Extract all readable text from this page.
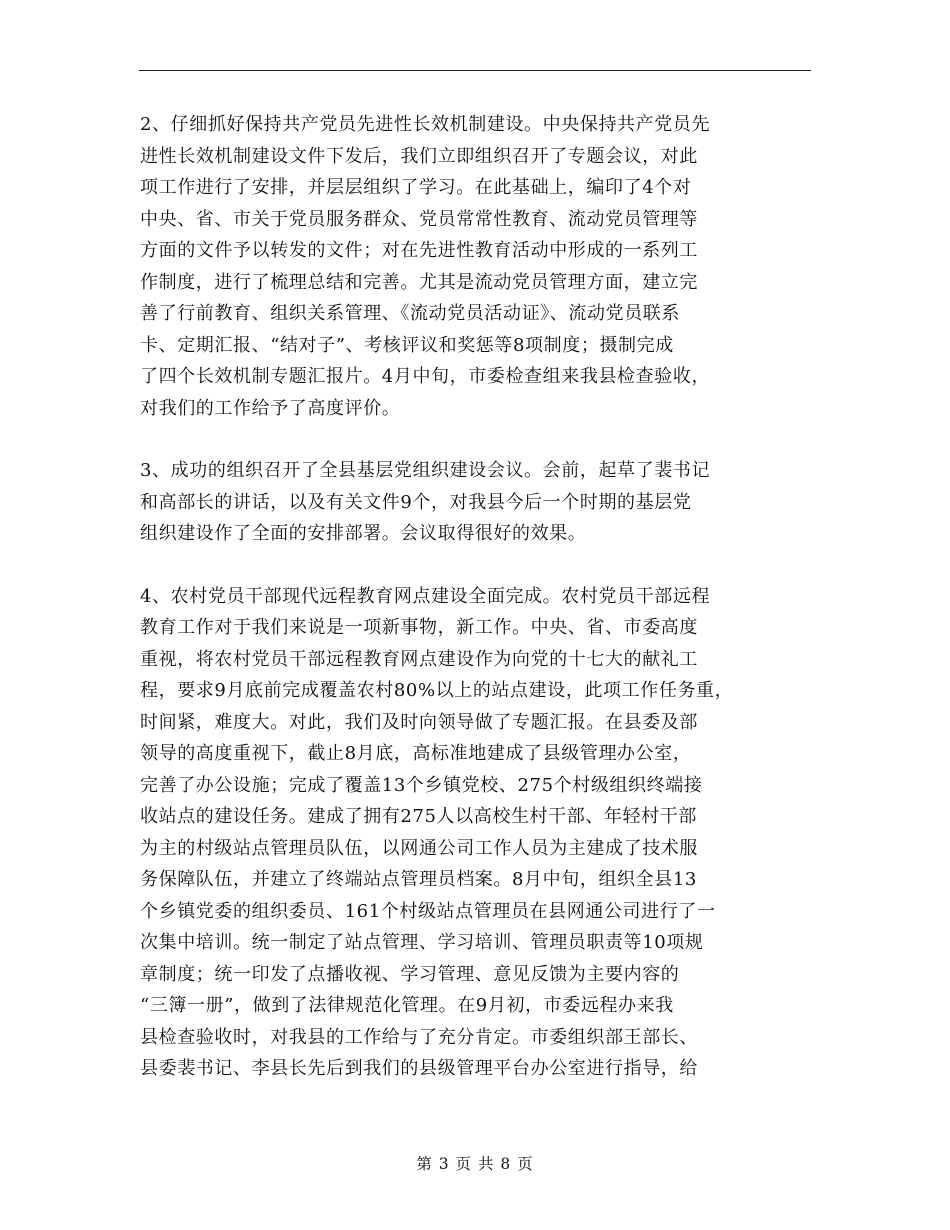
2、仔细抓好保持共产党员先进性长效机制建设。中央保持共产党员先
进性长效机制建设文件下发后，我们立即组织召开了专题会议，对此
项工作进行了安排，并层层组织了学习。在此基础上，编印了4个对
中央、省、市关于党员服务群众、党员常常性教育、流动党员管理等
方面的文件予以转发的文件；对在先进性教育活动中形成的一系列工
作制度，进行了梳理总结和完善。尤其是流动党员管理方面，建立完
善了行前教育、组织关系管理、《流动党员活动证》、流动党员联系
卡、定期汇报、“结对子”、考核评议和奖惩等8项制度；摄制完成
了四个长效机制专题汇报片。4月中旬，市委检查组来我县检查验收，
对我们的工作给予了高度评价。
3、成功的组织召开了全县基层党组织建设会议。会前，起草了裴书记
和高部长的讲话，以及有关文件9个，对我县今后一个时期的基层党
组织建设作了全面的安排部署。会议取得很好的效果。
4、农村党员干部现代远程教育网点建设全面完成。农村党员干部远程
教育工作对于我们来说是一项新事物，新工作。中央、省、市委高度
重视，将农村党员干部远程教育网点建设作为向党的十七大的献礼工
程，要求9月底前完成覆盖农村80%以上的站点建设，此项工作任务重，
时间紧，难度大。对此，我们及时向领导做了专题汇报。在县委及部
领导的高度重视下，截止8月底，高标准地建成了县级管理办公室，
完善了办公设施；完成了覆盖13个乡镇党校、275个村级组织终端接
收站点的建设任务。建成了拥有275人以高校生村干部、年轻村干部
为主的村级站点管理员队伍，以网通公司工作人员为主建成了技术服
务保障队伍，并建立了终端站点管理员档案。8月中旬，组织全县13
个乡镇党委的组织委员、161个村级站点管理员在县网通公司进行了一
次集中培训。统一制定了站点管理、学习培训、管理员职责等10项规
章制度；统一印发了点播收视、学习管理、意见反馈为主要内容的
“三簿一册”，做到了法律规范化管理。在9月初，市委远程办来我
县检查验收时，对我县的工作给与了充分肯定。市委组织部王部长、
县委裴书记、李县长先后到我们的县级管理平台办公室进行指导，给
第 3 页 共 8 页
